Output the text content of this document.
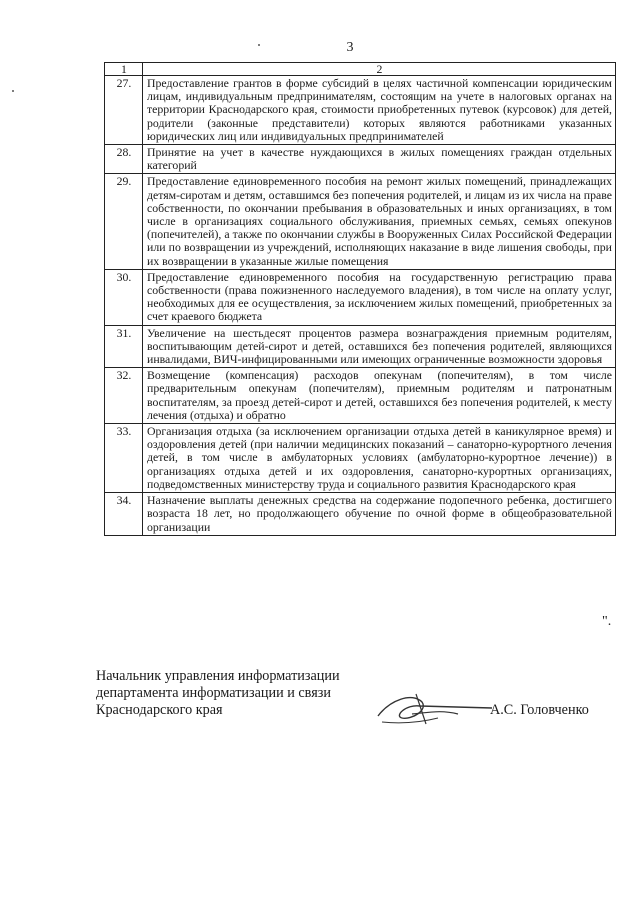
3
1	2
27.	Предоставление грантов в форме субсидий в целях частичной компенсации юридическим лицам, индивидуальным предпринимателям, состоящим на учете в налоговых органах на территории Краснодарского края, стоимости приобретенных путевок (курсовок) для детей, родители (законные представители) которых являются работниками указанных юридических лиц или индивидуальных предпринимателей
28.	Принятие на учет в качестве нуждающихся в жилых помещениях граждан отдельных категорий
29.	Предоставление единовременного пособия на ремонт жилых помещений, принадлежащих детям-сиротам и детям, оставшимся без попечения родителей, и лицам из их числа на праве собственности, по окончании пребывания в образовательных и иных организациях, в том числе в организациях социального обслуживания, приемных семьях, семьях опекунов (попечителей), а также по окончании службы в Вооруженных Силах Российской Федерации или по возвращении из учреждений, исполняющих наказание в виде лишения свободы, при их возвращении в указанные жилые помещения
30.	Предоставление единовременного пособия на государственную регистрацию права собственности (права пожизненного наследуемого владения), в том числе на оплату услуг, необходимых для ее осуществления, за исключением жилых помещений, приобретенных за счет краевого бюджета
31.	Увеличение на шестьдесят процентов размера вознаграждения приемным родителям, воспитывающим детей-сирот и детей, оставшихся без попечения родителей, являющихся инвалидами, ВИЧ-инфицированными или имеющих ограниченные возможности здоровья
32.	Возмещение (компенсация) расходов опекунам (попечителям), в том числе предварительным опекунам (попечителям), приемным родителям и патронатным воспитателям, за проезд детей-сирот и детей, оставшихся без попечения родителей, к месту лечения (отдыха) и обратно
33.	Организация отдыха (за исключением организации отдыха детей в каникулярное время) и оздоровления детей (при наличии медицинских показаний – санаторно-курортного лечения детей, в том числе в амбулаторных условиях (амбулаторно-курортное лечение)) в организациях отдыха детей и их оздоровления, санаторно-курортных организациях, подведомственных министерству труда и социального развития Краснодарского края
34.	Назначение выплаты денежных средства на содержание подопечного ребенка, достигшего возраста 18 лет, но продолжающего обучение по очной форме в общеобразовательной организации
".
Начальник управления информатизации
департамента информатизации и связи
Краснодарского края	А.С. Головченко
